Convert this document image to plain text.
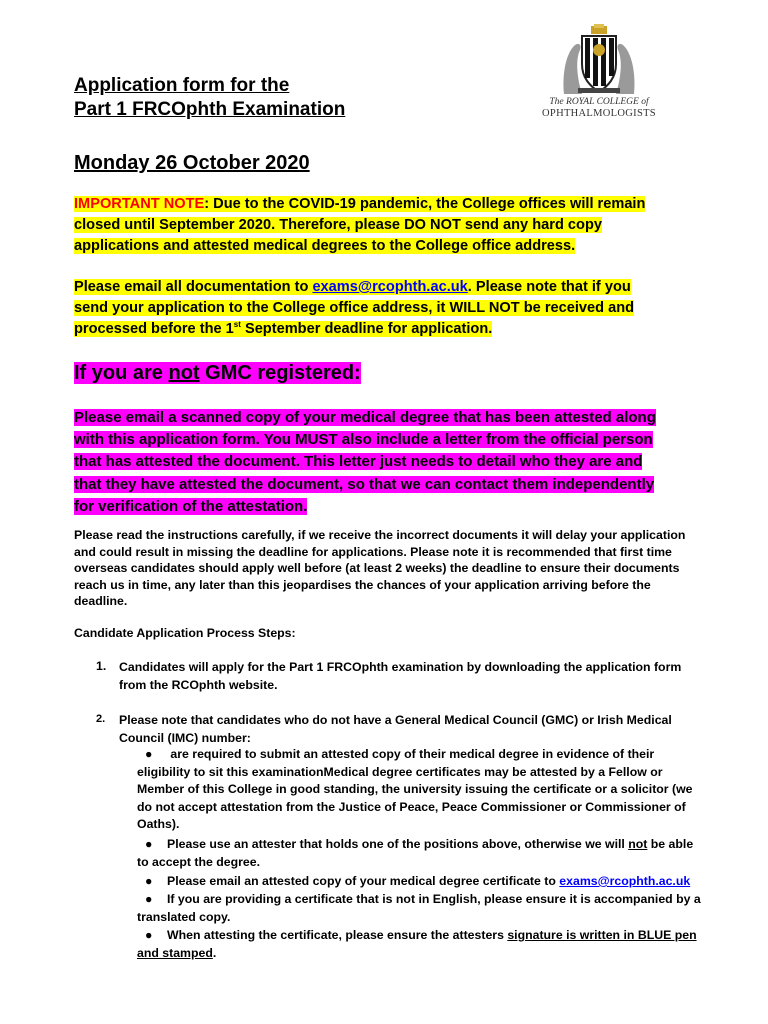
The ROYAL COLLEGE of
OPHTHALMOLOGISTS
Application form for the
Part 1 FRCOphth Examination
Monday 26 October 2020
IMPORTANT NOTE: Due to the COVID-19 pandemic, the College offices will remain
closed until September 2020. Therefore, please DO NOT send any hard copy
applications and attested medical degrees to the College office address.
Please email all documentation to exams@rcophth.ac.uk. Please note that if you
send your application to the College office address, it WILL NOT be received and
processed before the 1st September deadline for application.
If you are not GMC registered:
Please email a scanned copy of your medical degree that has been attested along
with this application form. You MUST also include a letter from the official person
that has attested the document. This letter just needs to detail who they are and
that they have attested the document, so that we can contact them independently
for verification of the attestation.
Please read the instructions carefully, if we receive the incorrect documents it will delay your application
and could result in missing the deadline for applications. Please note it is recommended that first time
overseas candidates should apply well before (at least 2 weeks) the deadline to ensure their documents
reach us in time, any later than this jeopardises the chances of your application arriving before the
deadline.
Candidate Application Process Steps:
1. Candidates will apply for the Part 1 FRCOphth examination by downloading the application form
from the RCOphth website.
2. Please note that candidates who do not have a General Medical Council (GMC) or Irish Medical
Council (IMC) number:
● are required to submit an attested copy of their medical degree in evidence of their
eligibility to sit this examinationMedical degree certificates may be attested by a Fellow or
Member of this College in good standing, the university issuing the certificate or a solicitor (we
do not accept attestation from the Justice of Peace, Peace Commissioner or Commissioner of
Oaths).
● Please use an attester that holds one of the positions above, otherwise we will not be able
to accept the degree.
● Please email an attested copy of your medical degree certificate to exams@rcophth.ac.uk
● If you are providing a certificate that is not in English, please ensure it is accompanied by a
translated copy.
● When attesting the certificate, please ensure the attesters signature is written in BLUE pen
and stamped.
